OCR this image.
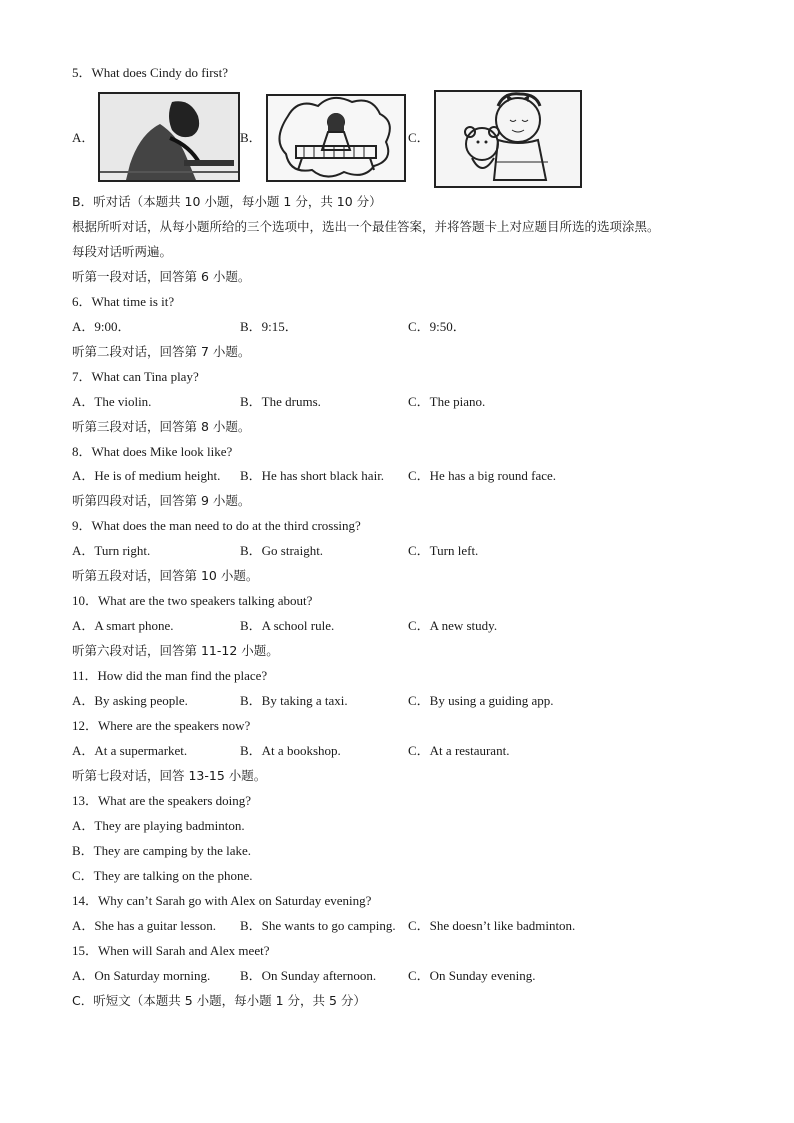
5．What does Cindy do first?
A．	B．	C．
B．听对话（本题共 10 小题，每小题 1 分，共 10 分）
根据所听对话，从每小题所给的三个选项中，选出一个最佳答案，并将答题卡上对应题目所选的选项涂黑。
每段对话听两遍。
听第一段对话，回答第 6 小题。
6．What time is it?
A．9:00．	B．9:15．	C．9:50．
听第二段对话，回答第 7 小题。
7．What can Tina play?
A．The violin.	B．The drums.	C．The piano.
听第三段对话，回答第 8 小题。
8．What does Mike look like?
A．He is of medium height. B．He has short black hair. C．He has a big round face.
听第四段对话，回答第 9 小题。
9．What does the man need to do at the third crossing?
A．Turn right.	B．Go straight.	C．Turn left.
听第五段对话，回答第 10 小题。
10．What are the two speakers talking about?
A．A smart phone.	B．A school rule.	C．A new study.
听第六段对话，回答第 11-12 小题。
11．How did the man find the place?
A．By asking people.	B．By taking a taxi.	C．By using a guiding app.
12．Where are the speakers now?
A．At a supermarket.	B．At a bookshop.	C．At a restaurant.
听第七段对话，回答 13-15 小题。
13．What are the speakers doing?
A．They are playing badminton.
B．They are camping by the lake.
C．They are talking on the phone.
14．Why can’t Sarah go with Alex on Saturday evening?
A．She has a guitar lesson. B．She wants to go camping. C．She doesn’t like badminton.
15．When will Sarah and Alex meet?
A．On Saturday morning. B．On Sunday afternoon. C．On Sunday evening.
C．听短文（本题共 5 小题，每小题 1 分，共 5 分）
